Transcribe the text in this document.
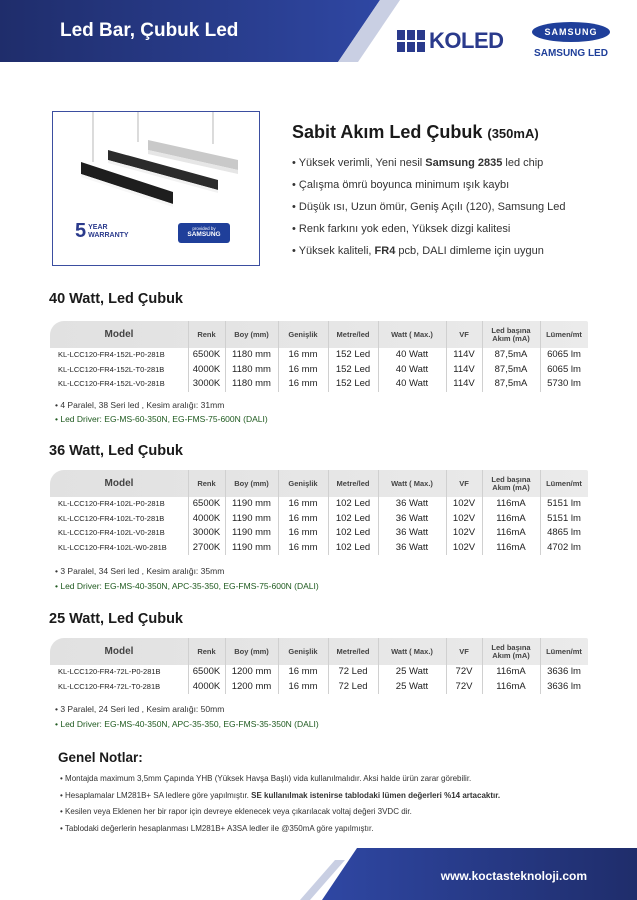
Led Bar, Çubuk Led	KOLED	SAMSUNG
SAMSUNG LED
5 YEAR
WARRANTY
provided by
SAMSUNG
Sabit Akım Led Çubuk (350mA)
• Yüksek verimli, Yeni nesil Samsung 2835 led chip
• Çalışma ömrü boyunca minimum ışık kaybı
• Düşük ısı, Uzun ömür, Geniş Açılı (120), Samsung Led
• Renk farkını yok eden, Yüksek dizgi kalitesi
• Yüksek kaliteli, FR4 pcb, DALI dimleme için uygun
40 Watt, Led Çubuk
Model	Renk	Boy (mm)	Genişlik	Metre/led	Watt ( Max.)	VF	Led başına Akım (mA)	Lümen/mt
KL-LCC120-FR4-152L-P0-281B	6500K	1180 mm	16 mm	152 Led	40 Watt	114V	87,5mA	6065 lm
KL-LCC120-FR4-152L-T0-281B	4000K	1180 mm	16 mm	152 Led	40 Watt	114V	87,5mA	6065 lm
KL-LCC120-FR4-152L-V0-281B	3000K	1180 mm	16 mm	152 Led	40 Watt	114V	87,5mA	5730 lm
• 4 Paralel, 38 Seri led , Kesim aralığı: 31mm
• Led Driver: EG-MS-60-350N, EG-FMS-75-600N (DALI)
36 Watt, Led Çubuk
Model	Renk	Boy (mm)	Genişlik	Metre/led	Watt ( Max.)	VF	Led başına Akım (mA)	Lümen/mt
KL-LCC120-FR4-102L-P0-281B	6500K	1190 mm	16 mm	102 Led	36 Watt	102V	116mA	5151 lm
KL-LCC120-FR4-102L-T0-281B	4000K	1190 mm	16 mm	102 Led	36 Watt	102V	116mA	5151 lm
KL-LCC120-FR4-102L-V0-281B	3000K	1190 mm	16 mm	102 Led	36 Watt	102V	116mA	4865 lm
KL-LCC120-FR4-102L-W0-281B	2700K	1190 mm	16 mm	102 Led	36 Watt	102V	116mA	4702 lm
• 3 Paralel, 34 Seri led , Kesim aralığı: 35mm
• Led Driver: EG-MS-40-350N, APC-35-350, EG-FMS-75-600N (DALI)
25 Watt, Led Çubuk
Model	Renk	Boy (mm)	Genişlik	Metre/led	Watt ( Max.)	VF	Led başına Akım (mA)	Lümen/mt
KL-LCC120-FR4-72L-P0-281B	6500K	1200 mm	16 mm	72 Led	25 Watt	72V	116mA	3636 lm
KL-LCC120-FR4-72L-T0-281B	4000K	1200 mm	16 mm	72 Led	25 Watt	72V	116mA	3636 lm
• 3 Paralel, 24 Seri led , Kesim aralığı: 50mm
• Led Driver: EG-MS-40-350N, APC-35-350, EG-FMS-35-350N (DALI)
Genel Notlar:
• Montajda maximum 3,5mm Çapında YHB (Yüksek Havşa Başlı) vida kullanılmalıdır. Aksi halde ürün zarar görebilir.
• Hesaplamalar LM281B+ SA ledlere göre yapılmıştır. SE kullanılmak istenirse tablodaki lümen değerleri %14 artacaktır.
• Kesilen veya Eklenen her bir rapor için devreye eklenecek veya çıkarılacak voltaj değeri 3VDC dir.
• Tablodaki değerlerin hesaplanması LM281B+ A3SA ledler ile @350mA göre yapılmıştır.
www.koctasteknoloji.com
